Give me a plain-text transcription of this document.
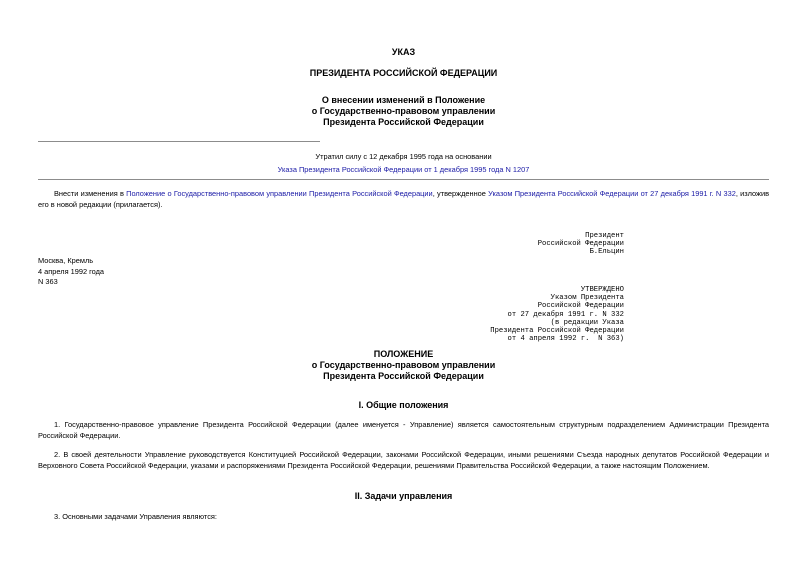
УКАЗ
ПРЕЗИДЕНТА РОССИЙСКОЙ ФЕДЕРАЦИИ
О внесении изменений в Положение
о Государственно-правовом управлении
Президента Российской Федерации
Утратил силу с 12 декабря 1995 года на основании
Указа Президента Российской Федерации от 1 декабря 1995 года N 1207
Внести изменения в Положение о Государственно-правовом управлении Президента Российской Федерации, утвержденное Указом Президента Российской Федерации от 27 декабря 1991 г. N 332, изложив его в новой редакции (прилагается).
Президент
Российской Федерации
Б.Ельцин
Москва, Кремль
4 апреля 1992 года
N 363
УТВЕРЖДЕНО
Указом Президента
Российской Федерации
от 27 декабря 1991 г. N 332
(в редакции Указа
Президента Российской Федерации
от 4 апреля 1992 г.  N 363)
ПОЛОЖЕНИЕ
о Государственно-правовом управлении
Президента Российской Федерации
I. Общие положения
1. Государственно-правовое управление Президента Российской Федерации (далее именуется - Управление) является самостоятельным структурным подразделением Администрации Президента Российской Федерации.
2. В своей деятельности Управление руководствуется Конституцией Российской Федерации, законами Российской Федерации, иными решениями Съезда народных депутатов Российской Федерации и Верховного Совета Российской Федерации, указами и распоряжениями Президента Российской Федерации, решениями Правительства Российской Федерации, а также настоящим Положением.
II. Задачи управления
3. Основными задачами Управления являются:
